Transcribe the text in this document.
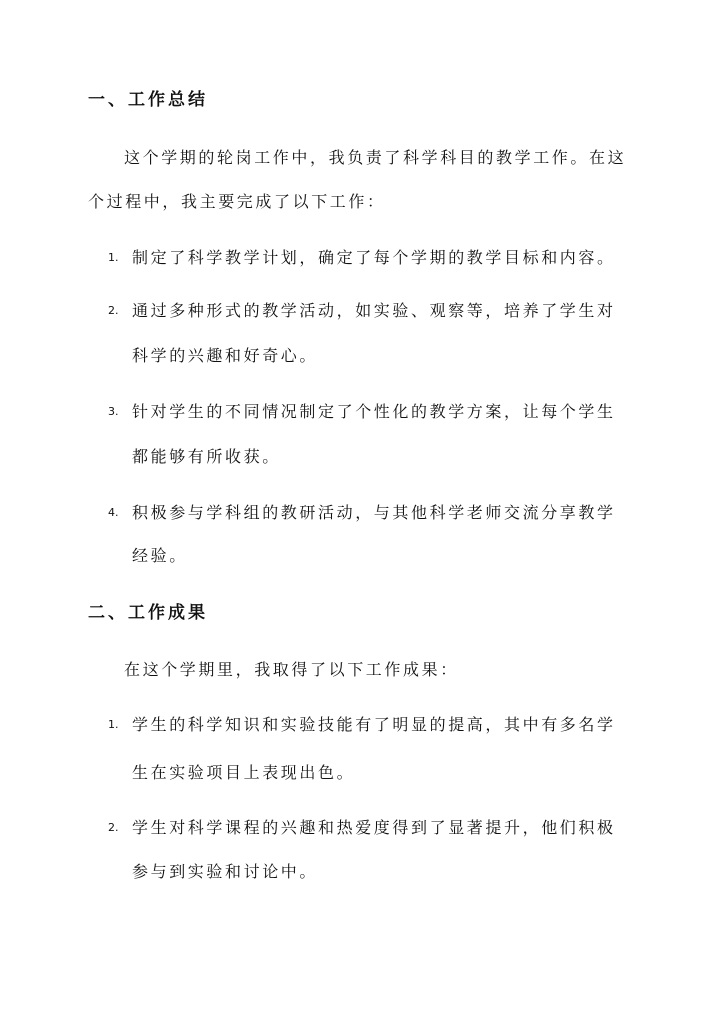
一、工作总结
这个学期的轮岗工作中，我负责了科学科目的教学工作。在这
个过程中，我主要完成了以下工作：
1. 制定了科学教学计划，确定了每个学期的教学目标和内容。
2. 通过多种形式的教学活动，如实验、观察等，培养了学生对
科学的兴趣和好奇心。
3. 针对学生的不同情况制定了个性化的教学方案，让每个学生
都能够有所收获。
4. 积极参与学科组的教研活动，与其他科学老师交流分享教学
经验。
二、工作成果
在这个学期里，我取得了以下工作成果：
1. 学生的科学知识和实验技能有了明显的提高，其中有多名学
生在实验项目上表现出色。
2. 学生对科学课程的兴趣和热爱度得到了显著提升，他们积极
参与到实验和讨论中。
